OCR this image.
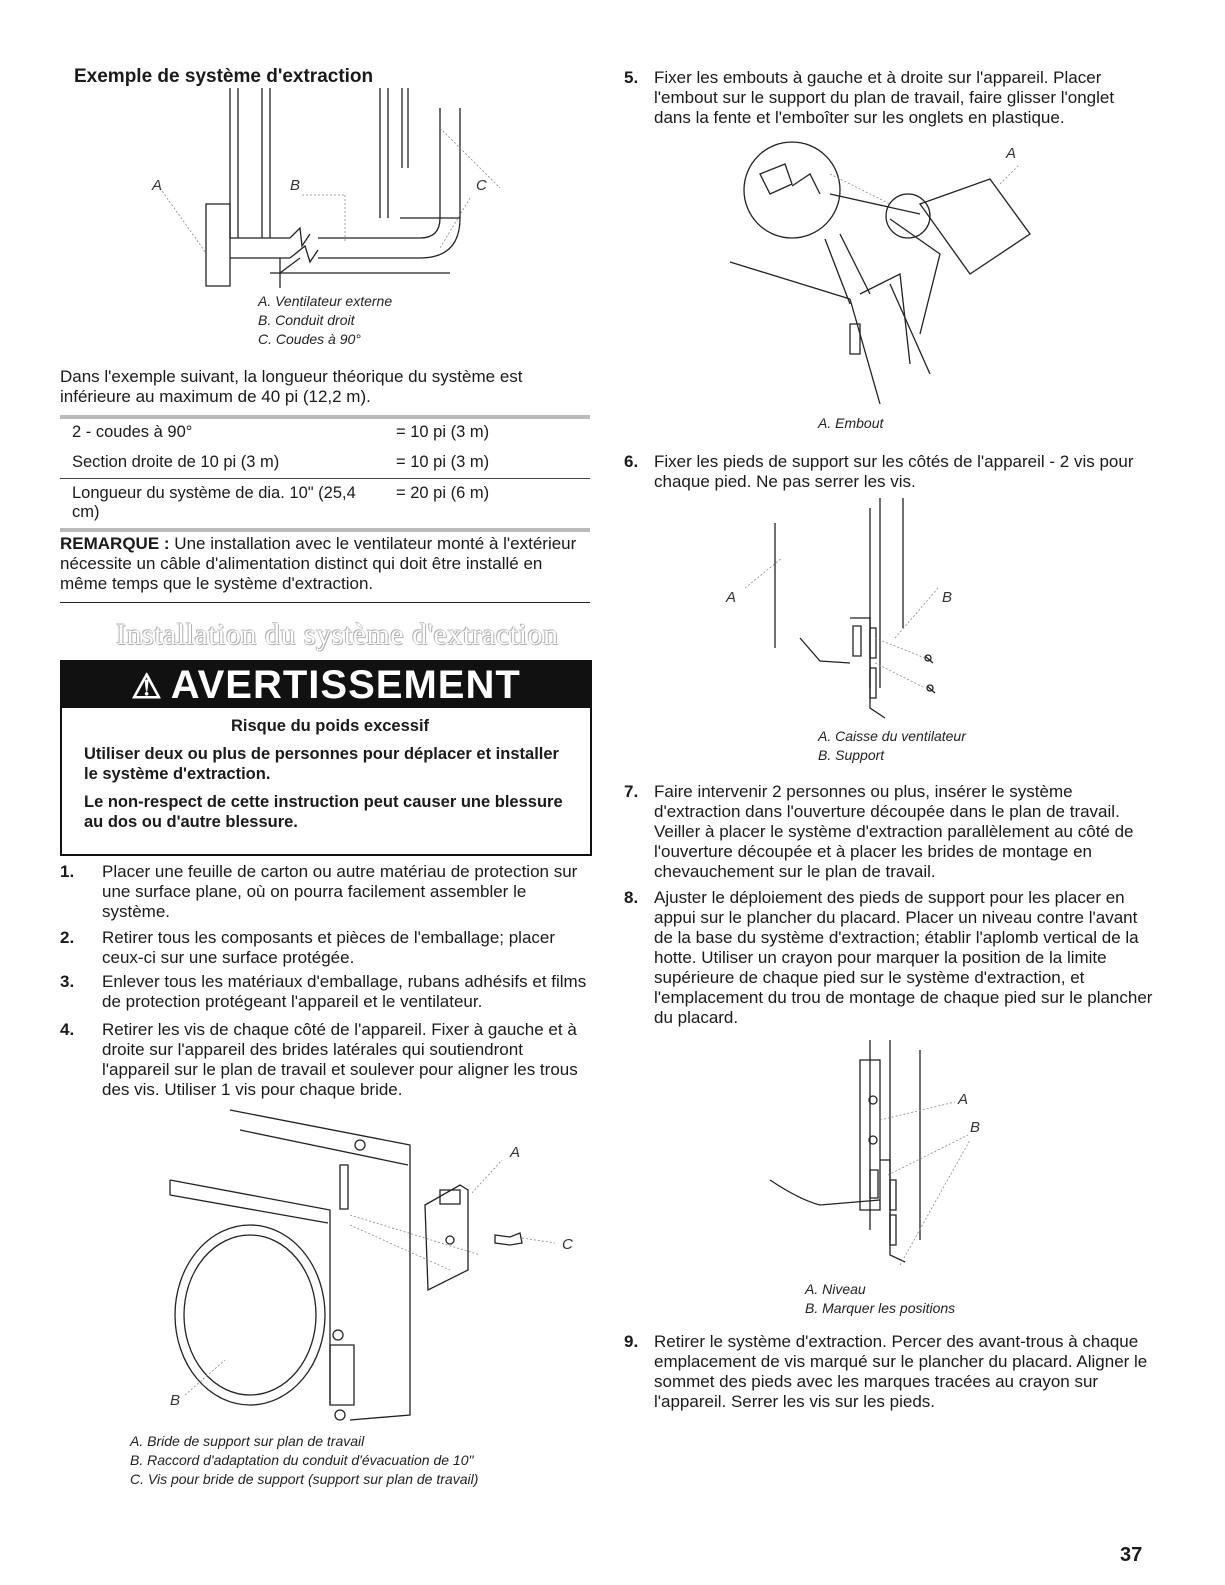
Exemple de système d'extraction
A	B	C
A. Ventilateur externe
B. Conduit droit
C. Coudes à 90°
Dans l'exemple suivant, la longueur théorique du système est inférieure au maximum de 40 pi (12,2 m).
2 - coudes à 90°	= 10 pi (3 m)
Section droite de 10 pi (3 m)	= 10 pi (3 m)
Longueur du système de dia. 10" (25,4 cm)	= 20 pi (6 m)
REMARQUE : Une installation avec le ventilateur monté à l'extérieur nécessite un câble d'alimentation distinct qui doit être installé en même temps que le système d'extraction.
Installation du système d'extraction
⚠ AVERTISSEMENT
Risque du poids excessif

Utiliser deux ou plus de personnes pour déplacer et installer le système d'extraction.

Le non-respect de cette instruction peut causer une blessure au dos ou d'autre blessure.

1. Placer une feuille de carton ou autre matériau de protection sur une surface plane, où on pourra facilement assembler le système.
2. Retirer tous les composants et pièces de l'emballage; placer ceux-ci sur une surface protégée.
3. Enlever tous les matériaux d'emballage, rubans adhésifs et films de protection protégeant l'appareil et le ventilateur.
4. Retirer les vis de chaque côté de l'appareil. Fixer à gauche et à droite sur l'appareil des brides latérales qui soutiendront l'appareil sur le plan de travail et soulever pour aligner les trous des vis. Utiliser 1 vis pour chaque bride.
A
B
C
A. Bride de support sur plan de travail
B. Raccord d'adaptation du conduit d'évacuation de 10"
C. Vis pour bride de support (support sur plan de travail)
5. Fixer les embouts à gauche et à droite sur l'appareil. Placer l'embout sur le support du plan de travail, faire glisser l'onglet dans la fente et l'emboîter sur les onglets en plastique.
A
A. Embout
6. Fixer les pieds de support sur les côtés de l'appareil - 2 vis pour chaque pied. Ne pas serrer les vis.
A	B
A. Caisse du ventilateur
B. Support
7. Faire intervenir 2 personnes ou plus, insérer le système d'extraction dans l'ouverture découpée dans le plan de travail. Veiller à placer le système d'extraction parallèlement au côté de l'ouverture découpée et à placer les brides de montage en chevauchement sur le plan de travail.
8. Ajuster le déploiement des pieds de support pour les placer en appui sur le plancher du placard. Placer un niveau contre l'avant de la base du système d'extraction; établir l'aplomb vertical de la hotte. Utiliser un crayon pour marquer la position de la limite supérieure de chaque pied sur le système d'extraction, et l'emplacement du trou de montage de chaque pied sur le plancher du placard.
A
B
A. Niveau
B. Marquer les positions
9. Retirer le système d'extraction. Percer des avant-trous à chaque emplacement de vis marqué sur le plancher du placard. Aligner le sommet des pieds avec les marques tracées au crayon sur l'appareil. Serrer les vis sur les pieds.
37
